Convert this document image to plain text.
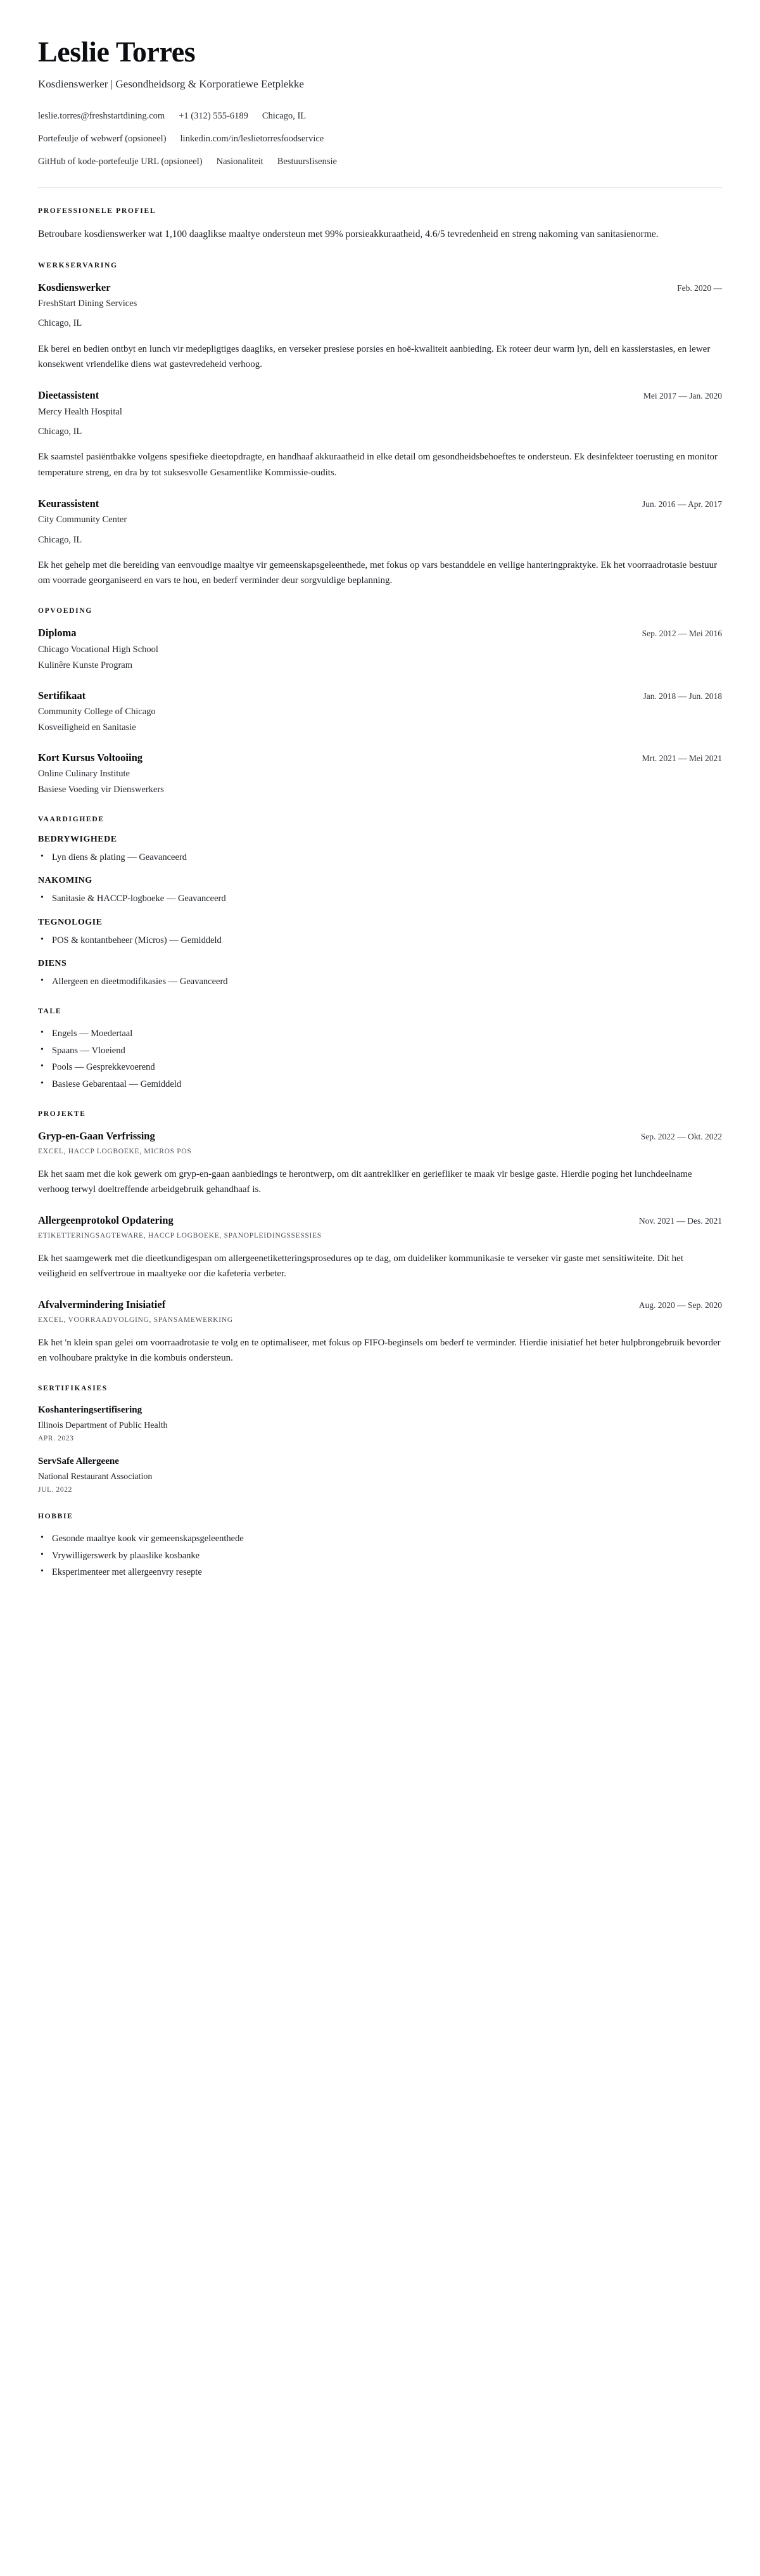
Leslie Torres
Kosdienswerker | Gesondheidsorg & Korporatiewe Eetplekke
leslie.torres@freshstartdining.com +1 (312) 555-6189 Chicago, IL
Portefeulje of webwerf (opsioneel) linkedin.com/in/leslietorresfoodservice
GitHub of kode-portefeulje URL (opsioneel) Nasionaliteit Bestuurslisensie
PROFESSIONELE PROFIEL

Betroubare kosdienswerker wat 1,100 daaglikse maaltye ondersteun met 99% porsieakkuraatheid, 4.6/5 tevredenheid en streng nakoming van sanitasienorme.

WERKSERVARING
Kosdienswerker	Feb. 2020 —
FreshStart Dining Services
Chicago, IL

Ek berei en bedien ontbyt en lunch vir medepligtiges daagliks, en verseker presiese porsies en hoë-kwaliteit aanbieding. Ek roteer deur warm lyn, deli en kassierstasies, en lewer konsekwent vriendelike diens wat gastevredeheid verhoog.

Dieetassistent	Mei 2017 — Jan. 2020
Mercy Health Hospital
Chicago, IL

Ek saamstel pasiëntbakke volgens spesifieke dieetopdragte, en handhaaf akkuraatheid in elke detail om gesondheidsbehoeftes te ondersteun. Ek desinfekteer toerusting en monitor temperature streng, en dra by tot suksesvolle Gesamentlike Kommissie-oudits.

Keurassistent	Jun. 2016 — Apr. 2017
City Community Center
Chicago, IL

Ek het gehelp met die bereiding van eenvoudige maaltye vir gemeenskapsgeleenthede, met fokus op vars bestanddele en veilige hanteringpraktyke. Ek het voorraadrotasie bestuur om voorrade georganiseerd en vars te hou, en bederf verminder deur sorgvuldige beplanning.

OPVOEDING
Diploma	Sep. 2012 — Mei 2016
Chicago Vocational High School
Kulinêre Kunste Program
Sertifikaat	Jan. 2018 — Jun. 2018
Community College of Chicago
Kosveiligheid en Sanitasie
Kort Kursus Voltooiing	Mrt. 2021 — Mei 2021
Online Culinary Institute
Basiese Voeding vir Dienswerkers
VAARDIGHEDE
BEDRYWIGHEDE
• Lyn diens & plating — Geavanceerd
NAKOMING
• Sanitasie & HACCP-logboeke — Geavanceerd
TEGNOLOGIE
• POS & kontantbeheer (Micros) — Gemiddeld
DIENS
• Allergeen en dieetmodifikasies — Geavanceerd
TALE
• Engels — Moedertaal
• Spaans — Vloeiend
• Pools — Gesprekkevoerend
• Basiese Gebarentaal — Gemiddeld
PROJEKTE
Gryp-en-Gaan Verfrissing	Sep. 2022 — Okt. 2022
EXCEL, HACCP LOGBOEKE, MICROS POS

Ek het saam met die kok gewerk om gryp-en-gaan aanbiedings te herontwerp, om dit aantrekliker en geriefliker te maak vir besige gaste. Hierdie poging het lunchdeelname verhoog terwyl doeltreffende arbeidgebruik gehandhaaf is.

Allergeenprotokol Opdatering	Nov. 2021 — Des. 2021
ETIKETTERINGSAGTEWARE, HACCP LOGBOEKE, SPANOPLEIDINGSSESSIES

Ek het saamgewerk met die dieetkundigespan om allergeenetiketteringsprosedures op te dag, om duideliker kommunikasie te verseker vir gaste met sensitiwiteite. Dit het veiligheid en selfvertroue in maaltyeke oor die kafeteria verbeter.

Afvalvermindering Inisiatief	Aug. 2020 — Sep. 2020
EXCEL, VOORRAADVOLGING, SPANSAMEWERKING

Ek het 'n klein span gelei om voorraadrotasie te volg en te optimaliseer, met fokus op FIFO-beginsels om bederf te verminder. Hierdie inisiatief het beter hulpbrongebruik bevorder en volhoubare praktyke in die kombuis ondersteun.

SERTIFIKASIES
Koshanteringsertifisering
Illinois Department of Public Health
APR. 2023
ServSafe Allergeene
National Restaurant Association
JUL. 2022
HOBBIE
• Gesonde maaltye kook vir gemeenskapsgeleenthede
• Vrywilligerswerk by plaaslike kosbanke
• Eksperimenteer met allergeenvry resepte
